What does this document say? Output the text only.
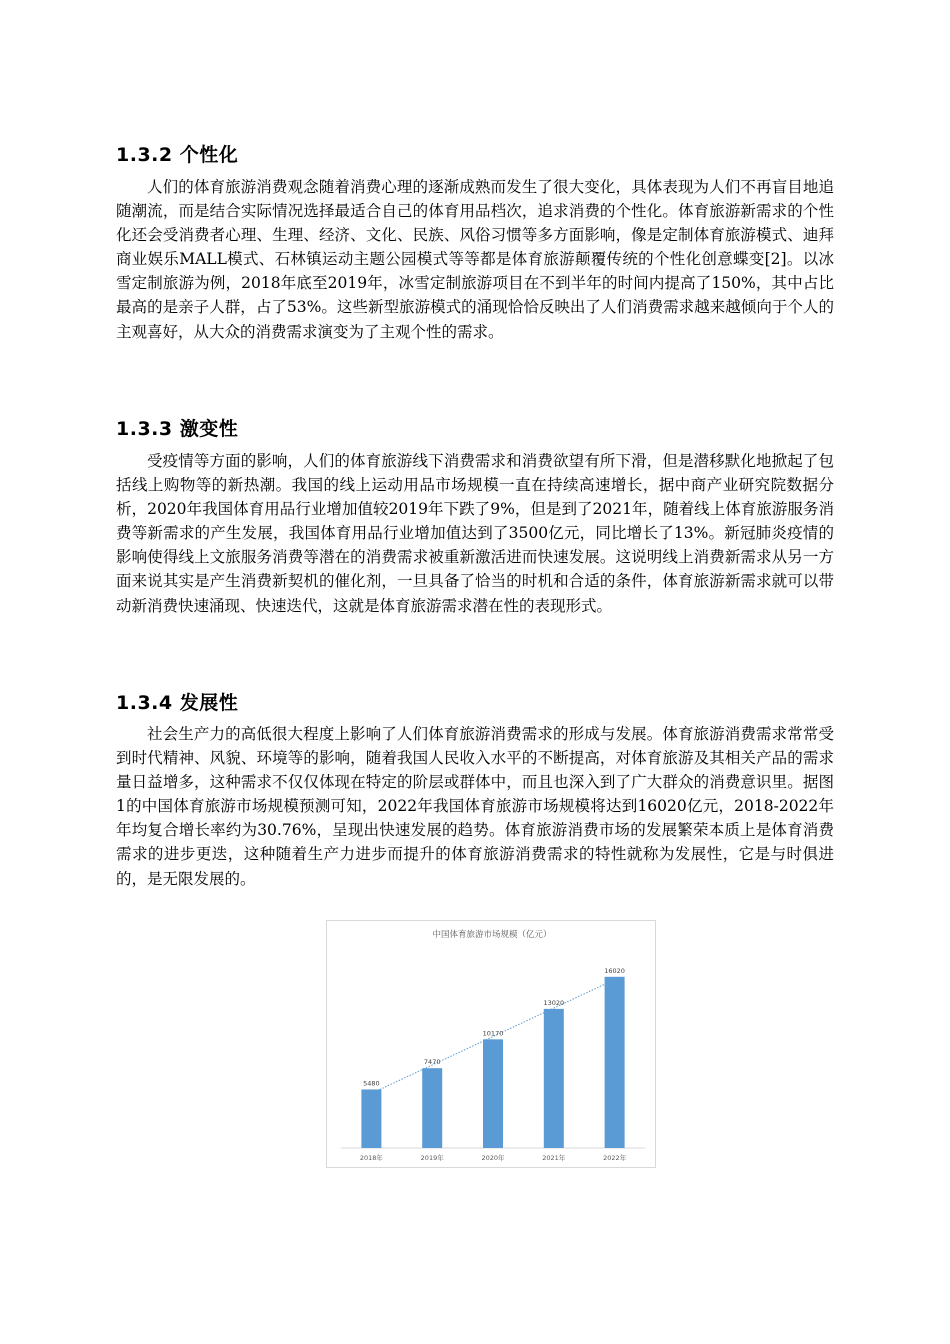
1.3.2 个性化

人们的体育旅游消费观念随着消费心理的逐渐成熟而发生了很大变化，具体表现为人们不再盲目地追随潮流，而是结合实际情况选择最适合自己的体育用品档次，追求消费的个性化。体育旅游新需求的个性化还会受消费者心理、生理、经济、文化、民族、风俗习惯等多方面影响，像是定制体育旅游模式、迪拜商业娱乐MALL模式、石林镇运动主题公园模式等等都是体育旅游颠覆传统的个性化创意蝶变[2]。以冰雪定制旅游为例，2018年底至2019年，冰雪定制旅游项目在不到半年的时间内提高了150%，其中占比最高的是亲子人群，占了53%。这些新型旅游模式的涌现恰恰反映出了人们消费需求越来越倾向于个人的主观喜好，从大众的消费需求演变为了主观个性的需求。

1.3.3 激变性

受疫情等方面的影响，人们的体育旅游线下消费需求和消费欲望有所下滑，但是潜移默化地掀起了包括线上购物等的新热潮。我国的线上运动用品市场规模一直在持续高速增长，据中商产业研究院数据分析，2020年我国体育用品行业增加值较2019年下跌了9%，但是到了2021年，随着线上体育旅游服务消费等新需求的产生发展，我国体育用品行业增加值达到了3500亿元，同比增长了13%。新冠肺炎疫情的影响使得线上文旅服务消费等潜在的消费需求被重新激活进而快速发展。这说明线上消费新需求从另一方面来说其实是产生消费新契机的催化剂，一旦具备了恰当的时机和合适的条件，体育旅游新需求就可以带动新消费快速涌现、快速迭代，这就是体育旅游需求潜在性的表现形式。

1.3.4 发展性

社会生产力的高低很大程度上影响了人们体育旅游消费需求的形成与发展。体育旅游消费需求常常受到时代精神、风貌、环境等的影响，随着我国人民收入水平的不断提高，对体育旅游及其相关产品的需求量日益增多，这种需求不仅仅体现在特定的阶层或群体中，而且也深入到了广大群众的消费意识里。据图1的中国体育旅游市场规模预测可知，2022年我国体育旅游市场规模将达到16020亿元，2018-2022年年均复合增长率约为30.76%，呈现出快速发展的趋势。体育旅游消费市场的发展繁荣本质上是体育消费需求的进步更迭，这种随着生产力进步而提升的体育旅游消费需求的特性就称为发展性，它是与时俱进的，是无限发展的。

中国体育旅游市场规模（亿元）
5480
2018年
7470
2019年
10170
2020年
13020
2021年
16020
2022年
